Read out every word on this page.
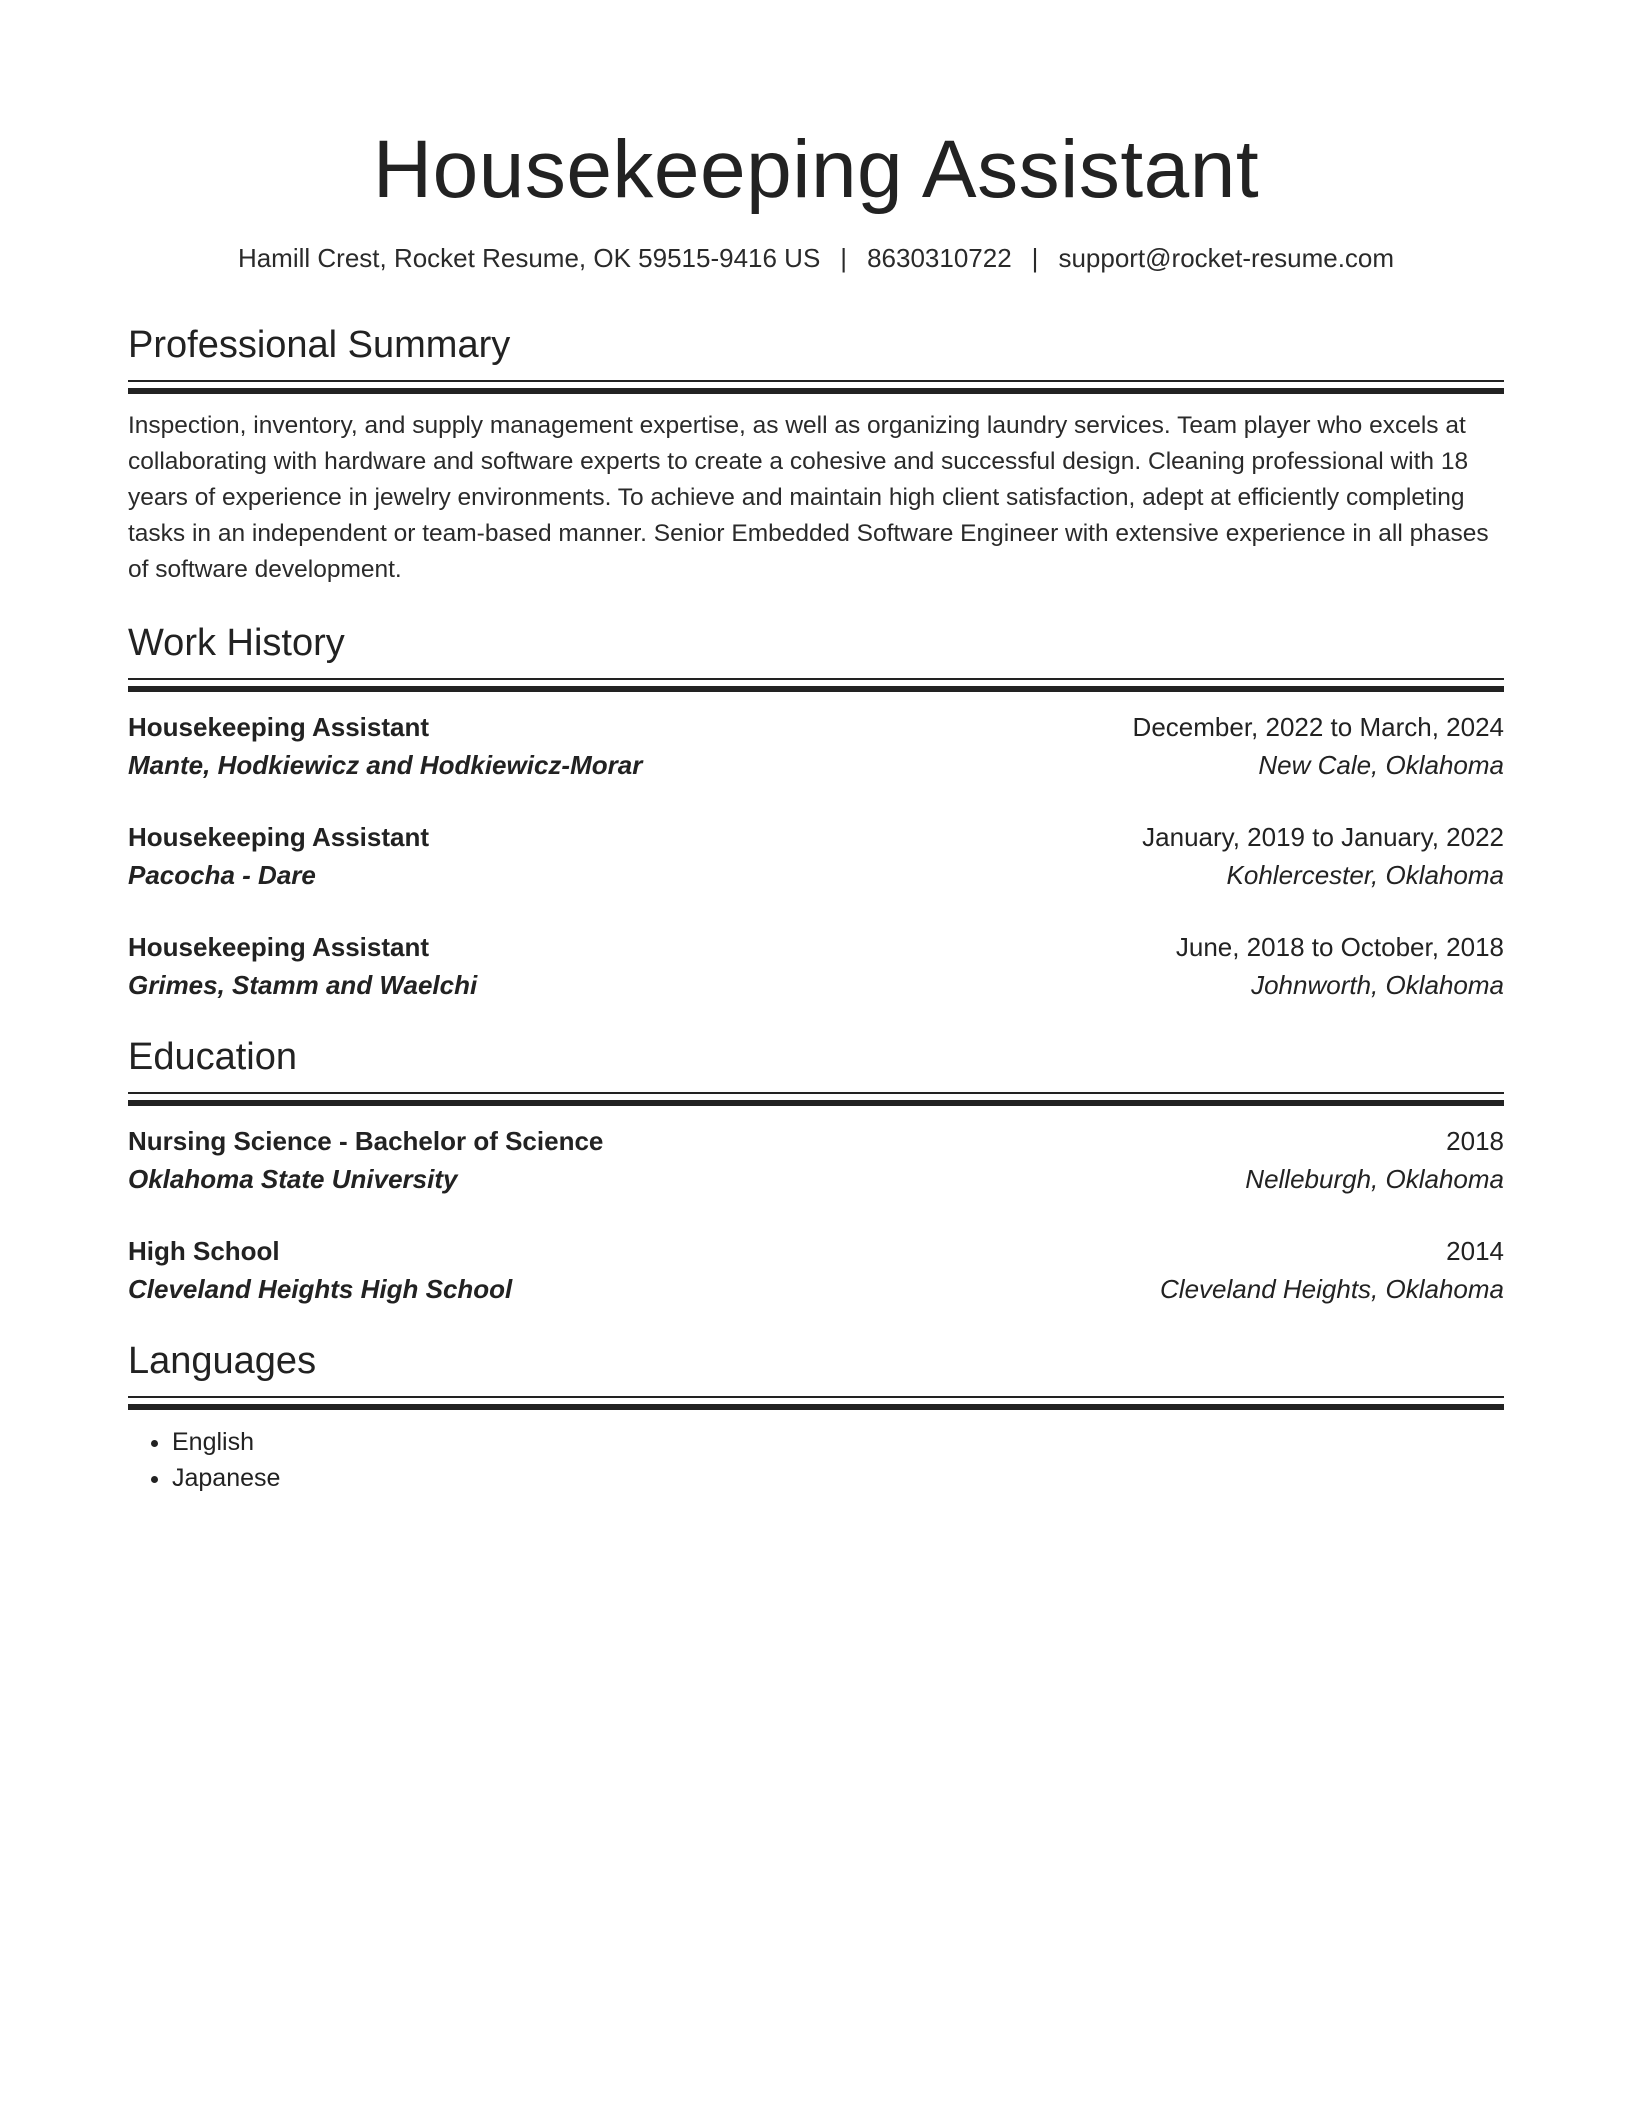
Housekeeping Assistant
Hamill Crest, Rocket Resume, OK 59515-9416 US | 8630310722 | support@rocket-resume.com
Professional Summary
Inspection, inventory, and supply management expertise, as well as organizing laundry services. Team player who excels at collaborating with hardware and software experts to create a cohesive and successful design. Cleaning professional with 18 years of experience in jewelry environments. To achieve and maintain high client satisfaction, adept at efficiently completing tasks in an independent or team-based manner. Senior Embedded Software Engineer with extensive experience in all phases of software development.
Work History
Housekeeping Assistant	December, 2022 to March, 2024
Mante, Hodkiewicz and Hodkiewicz-Morar	New Cale, Oklahoma
Housekeeping Assistant	January, 2019 to January, 2022
Pacocha - Dare	Kohlercester, Oklahoma
Housekeeping Assistant	June, 2018 to October, 2018
Grimes, Stamm and Waelchi	Johnworth, Oklahoma
Education
Nursing Science - Bachelor of Science	2018
Oklahoma State University	Nelleburgh, Oklahoma
High School	2014
Cleveland Heights High School	Cleveland Heights, Oklahoma
Languages
• English
• Japanese
